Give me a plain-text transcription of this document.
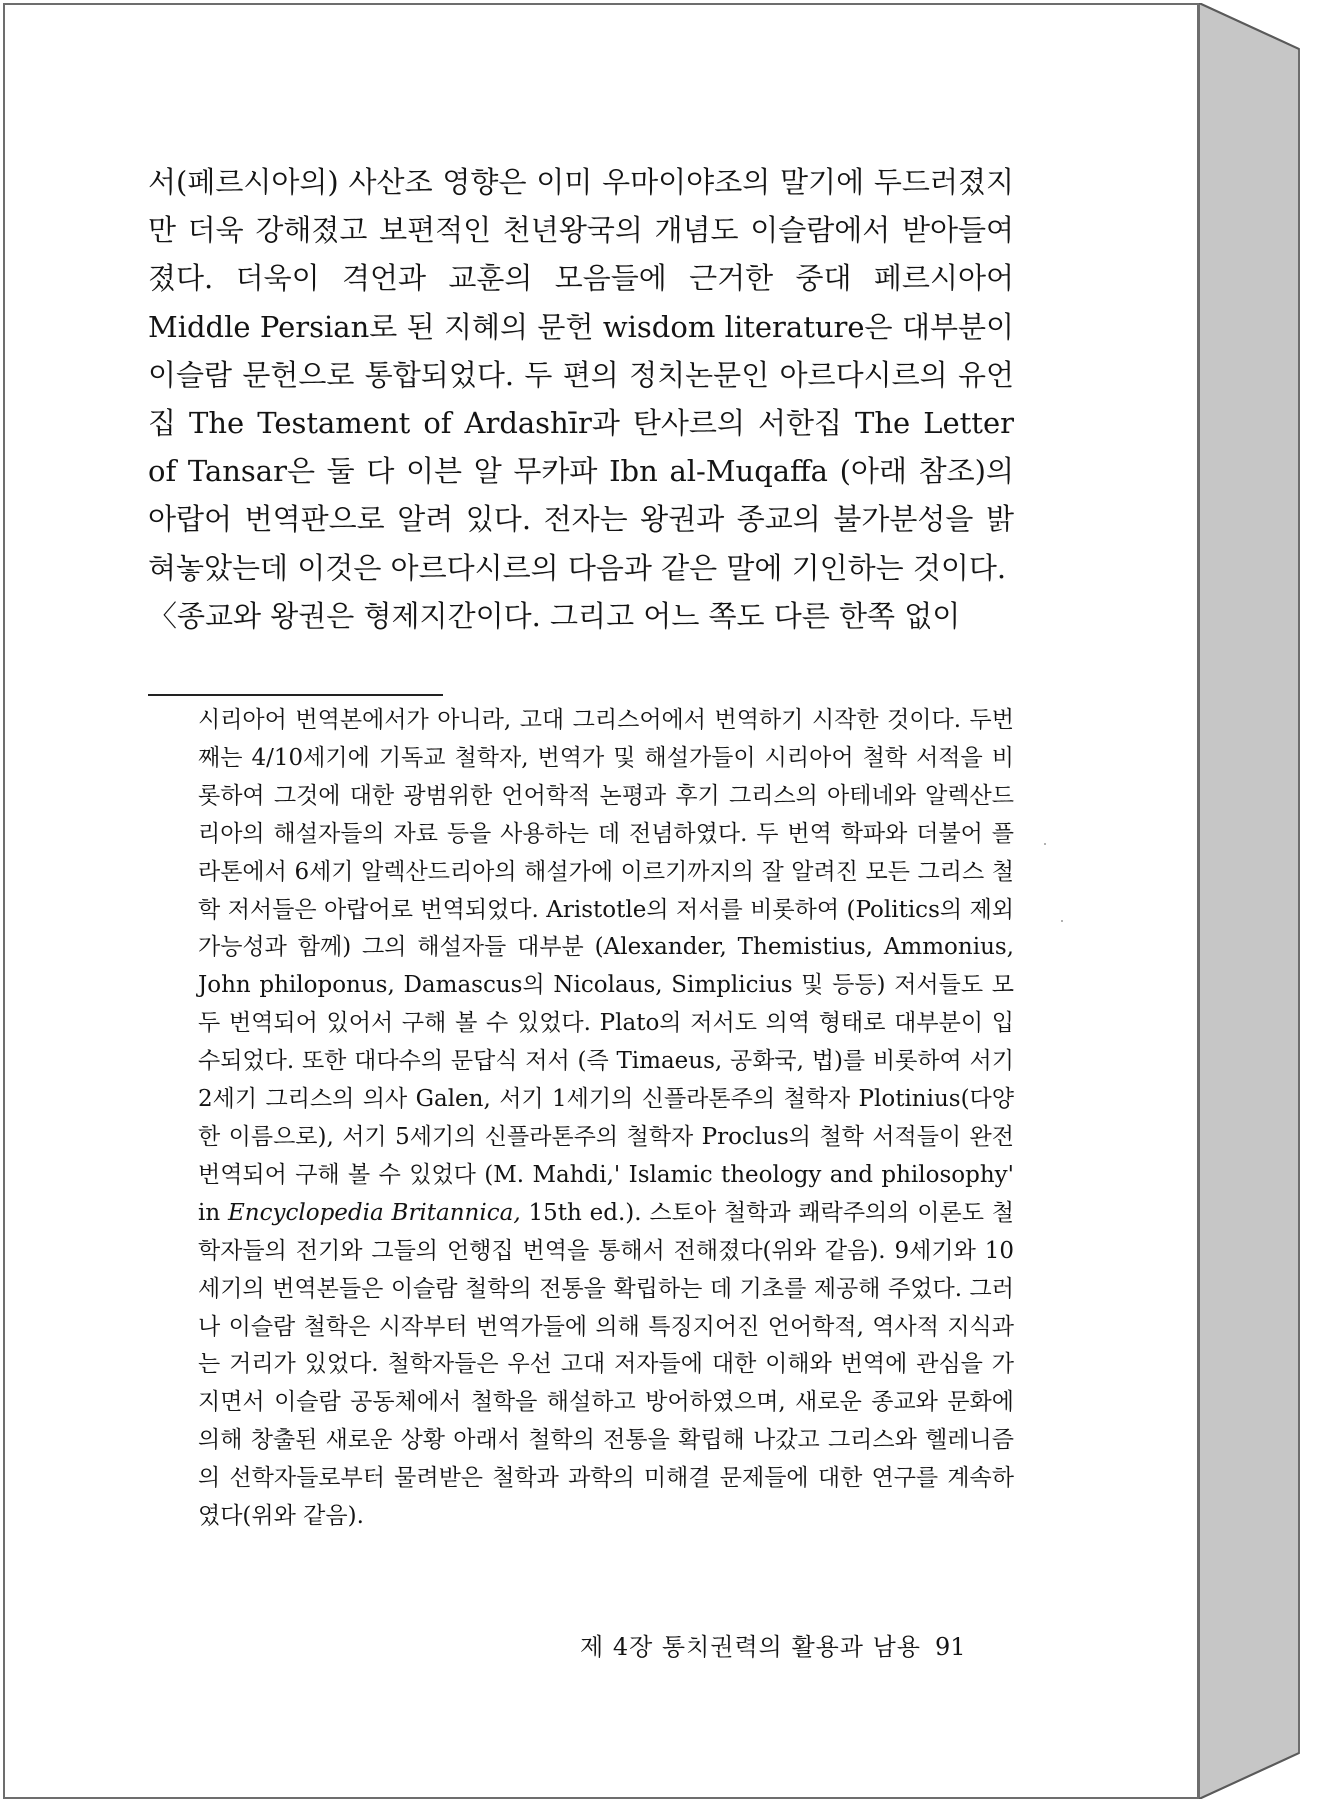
서(페르시아의) 사산조 영향은 이미 우마이야조의 말기에 두드러졌지만 더욱 강해졌고 보편적인 천년왕국의 개념도 이슬람에서 받아들여졌다. 더욱이 격언과 교훈의 모음들에 근거한 중대 페르시아어 Middle Persian로 된 지혜의 문헌 wisdom literature은 대부분이 이슬람 문헌으로 통합되었다. 두 편의 정치논문인 아르다시르의 유언집 The Testament of Ardashīr과 탄사르의 서한집 The Letter of Tansar은 둘 다 이븐 알 무카파 Ibn al-Muqaffa (아래 참조)의 아랍어 번역판으로 알려 있다. 전자는 왕권과 종교의 불가분성을 밝혀놓았는데 이것은 아르다시르의 다음과 같은 말에 기인하는 것이다.

〈종교와 왕권은 형제지간이다. 그리고 어느 쪽도 다른 한쪽 없이

시리아어 번역본에서가 아니라, 고대 그리스어에서 번역하기 시작한 것이다. 두번째는 4/10세기에 기독교 철학자, 번역가 및 해설가들이 시리아어 철학 서적을 비롯하여 그것에 대한 광범위한 언어학적 논평과 후기 그리스의 아테네와 알렉산드리아의 해설자들의 자료 등을 사용하는 데 전념하였다. 두 번역 학파와 더불어 플라톤에서 6세기 알렉산드리아의 해설가에 이르기까지의 잘 알려진 모든 그리스 철학 저서들은 아랍어로 번역되었다. Aristotle의 저서를 비롯하여 (Politics의 제외 가능성과 함께) 그의 해설자들 대부분 (Alexander, Themistius, Ammonius, John philoponus, Damascus의 Nicolaus, Simplicius 및 등등) 저서들도 모두 번역되어 있어서 구해 볼 수 있었다. Plato의 저서도 의역 형태로 대부분이 입수되었다. 또한 대다수의 문답식 저서 (즉 Timaeus, 공화국, 법)를 비롯하여 서기 2세기 그리스의 의사 Galen, 서기 1세기의 신플라톤주의 철학자 Plotinius(다양한 이름으로), 서기 5세기의 신플라톤주의 철학자 Proclus의 철학 서적들이 완전 번역되어 구해 볼 수 있었다 (M. Mahdi,' Islamic theology and philosophy' in Encyclopedia Britannica, 15th ed.). 스토아 철학과 쾌락주의의 이론도 철학자들의 전기와 그들의 언행집 번역을 통해서 전해졌다(위와 같음). 9세기와 10세기의 번역본들은 이슬람 철학의 전통을 확립하는 데 기초를 제공해 주었다. 그러나 이슬람 철학은 시작부터 번역가들에 의해 특징지어진 언어학적, 역사적 지식과는 거리가 있었다. 철학자들은 우선 고대 저자들에 대한 이해와 번역에 관심을 가지면서 이슬람 공동체에서 철학을 해설하고 방어하였으며, 새로운 종교와 문화에 의해 창출된 새로운 상황 아래서 철학의 전통을 확립해 나갔고 그리스와 헬레니즘의 선학자들로부터 물려받은 철학과 과학의 미해결 문제들에 대한 연구를 계속하였다(위와 같음).
제 4장 통치권력의 활용과 남용 91
